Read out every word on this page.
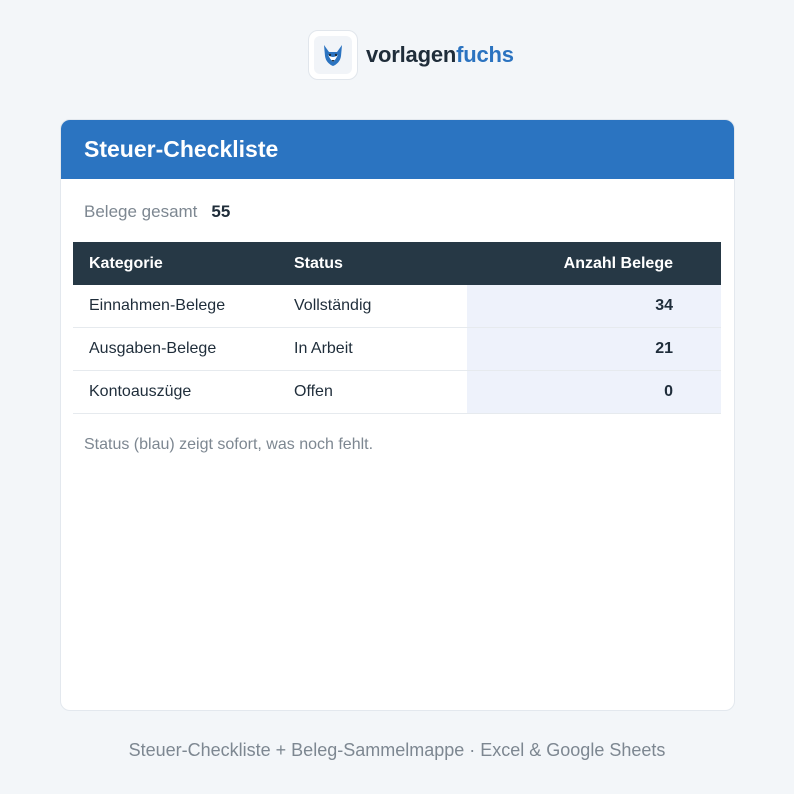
vorlagenfuchs
Steuer-Checkliste
Belege gesamt 55
Kategorie	Status	Anzahl Belege
Einnahmen-Belege	Vollständig	34
Ausgaben-Belege	In Arbeit	21
Kontoauszüge	Offen	0
Status (blau) zeigt sofort, was noch fehlt.
Steuer-Checkliste + Beleg-Sammelmappe · Excel & Google Sheets
